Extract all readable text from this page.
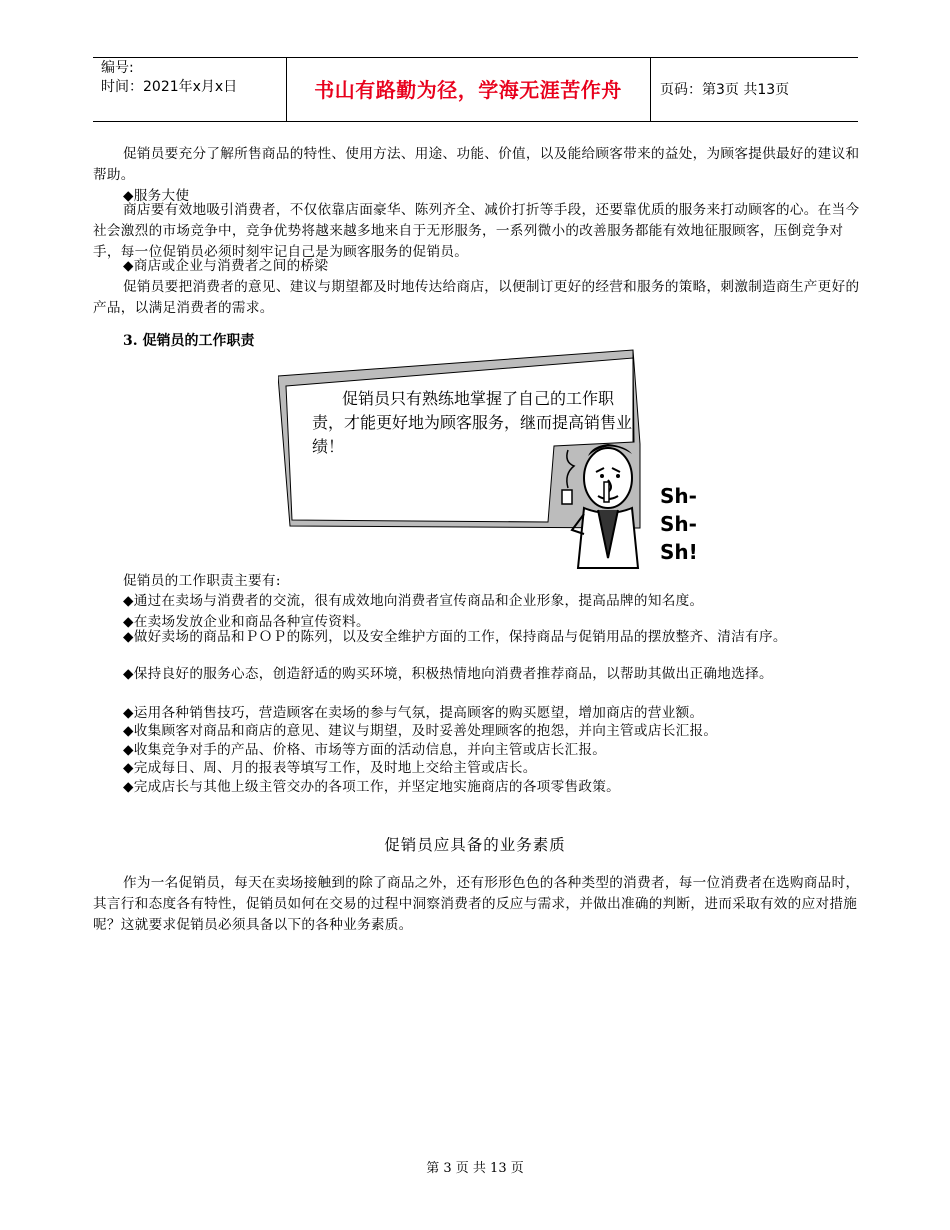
编号:
时间：2021年x月x日	书山有路勤为径，学海无涯苦作舟	页码：第3页 共13页

促销员要充分了解所售商品的特性、使用方法、用途、功能、价值，以及能给顾客带来的益处，为顾客提供最好的建议和帮助。

◆服务大使

商店要有效地吸引消费者，不仅依靠店面豪华、陈列齐全、减价打折等手段，还要靠优质的服务来打动顾客的心。在当今社会激烈的市场竞争中，竞争优势将越来越多地来自于无形服务，一系列微小的改善服务都能有效地征服顾客，压倒竞争对手，每一位促销员必须时刻牢记自己是为顾客服务的促销员。

◆商店或企业与消费者之间的桥梁

促销员要把消费者的意见、建议与期望都及时地传达给商店，以便制订更好的经营和服务的策略，刺激制造商生产更好的产品，以满足消费者的需求。

3. 促销员的工作职责
促销员只有熟练地掌握了自己的工作职责，才能更好地为顾客服务，继而提高销售业绩！
Sh-Sh-Sh!

促销员的工作职责主要有:

◆通过在卖场与消费者的交流，很有成效地向消费者宣传商品和企业形象，提高品牌的知名度。

◆在卖场发放企业和商品各种宣传资料。

◆做好卖场的商品和ＰＯＰ的陈列，以及安全维护方面的工作，保持商品与促销用品的摆放整齐、清洁有序。

◆保持良好的服务心态，创造舒适的购买环境，积极热情地向消费者推荐商品，以帮助其做出正确地选择。

◆运用各种销售技巧，营造顾客在卖场的参与气氛，提高顾客的购买愿望，增加商店的营业额。

◆收集顾客对商品和商店的意见、建议与期望，及时妥善处理顾客的抱怨，并向主管或店长汇报。

◆收集竞争对手的产品、价格、市场等方面的活动信息，并向主管或店长汇报。

◆完成每日、周、月的报表等填写工作，及时地上交给主管或店长。

◆完成店长与其他上级主管交办的各项工作，并坚定地实施商店的各项零售政策。

促销员应具备的业务素质

作为一名促销员，每天在卖场接触到的除了商品之外，还有形形色色的各种类型的消费者，每一位消费者在选购商品时，其言行和态度各有特性，促销员如何在交易的过程中洞察消费者的反应与需求，并做出准确的判断，进而采取有效的应对措施呢？这就要求促销员必须具备以下的各种业务素质。

第 3 页 共 13 页
